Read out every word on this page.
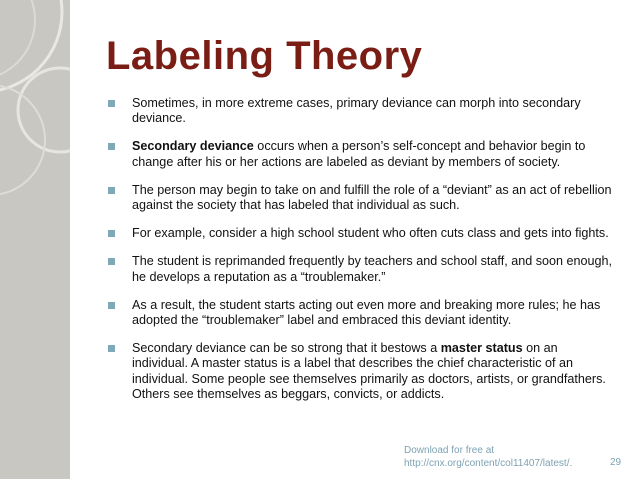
Labeling Theory
Sometimes, in more extreme cases, primary deviance can morph into secondary deviance.
Secondary deviance occurs when a person’s self-concept and behavior begin to change after his or her actions are labeled as deviant by members of society.
The person may begin to take on and fulfill the role of a “deviant” as an act of rebellion against the society that has labeled that individual as such.
For example, consider a high school student who often cuts class and gets into fights.
The student is reprimanded frequently by teachers and school staff, and soon enough, he develops a reputation as a “troublemaker.”
As a result, the student starts acting out even more and breaking more rules; he has adopted the “troublemaker” label and embraced this deviant identity.
Secondary deviance can be so strong that it bestows a master status on an individual. A master status is a label that describes the chief characteristic of an individual. Some people see themselves primarily as doctors, artists, or grandfathers. Others see themselves as beggars, convicts, or addicts.
Download for free at
http://cnx.org/content/col11407/latest/.	29
